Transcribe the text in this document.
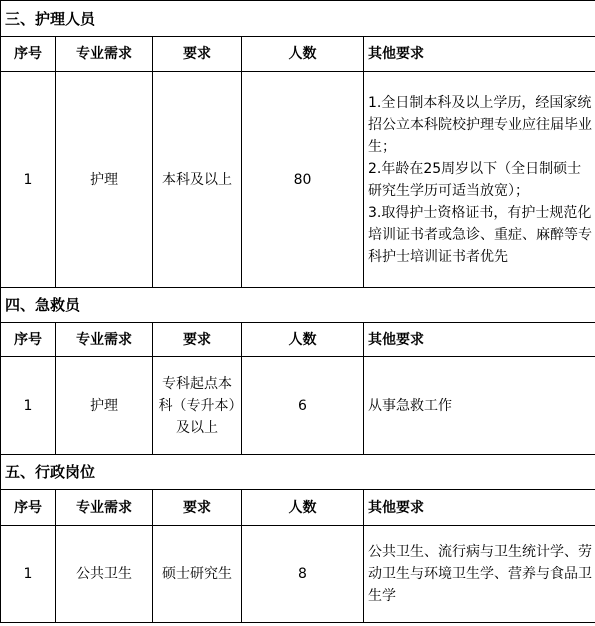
三、护理人员				
序号	专业需求	要求	人数	其他要求
1	护理	本科及以上	80	1.全日制本科及以上学历，经国家统招公立本科院校护理专业应往届毕业生；
2.年龄在25周岁以下（全日制硕士研究生学历可适当放宽）；
3.取得护士资格证书，有护士规范化培训证书者或急诊、重症、麻醉等专科护士培训证书者优先

四、急救员				
序号	专业需求	要求	人数	其他要求
1	护理	专科起点本科（专升本）及以上	6	从事急救工作

五、行政岗位				
序号	专业需求	要求	人数	其他要求
1	公共卫生	硕士研究生	8	公共卫生、流行病与卫生统计学、劳动卫生与环境卫生学、营养与食品卫生学
